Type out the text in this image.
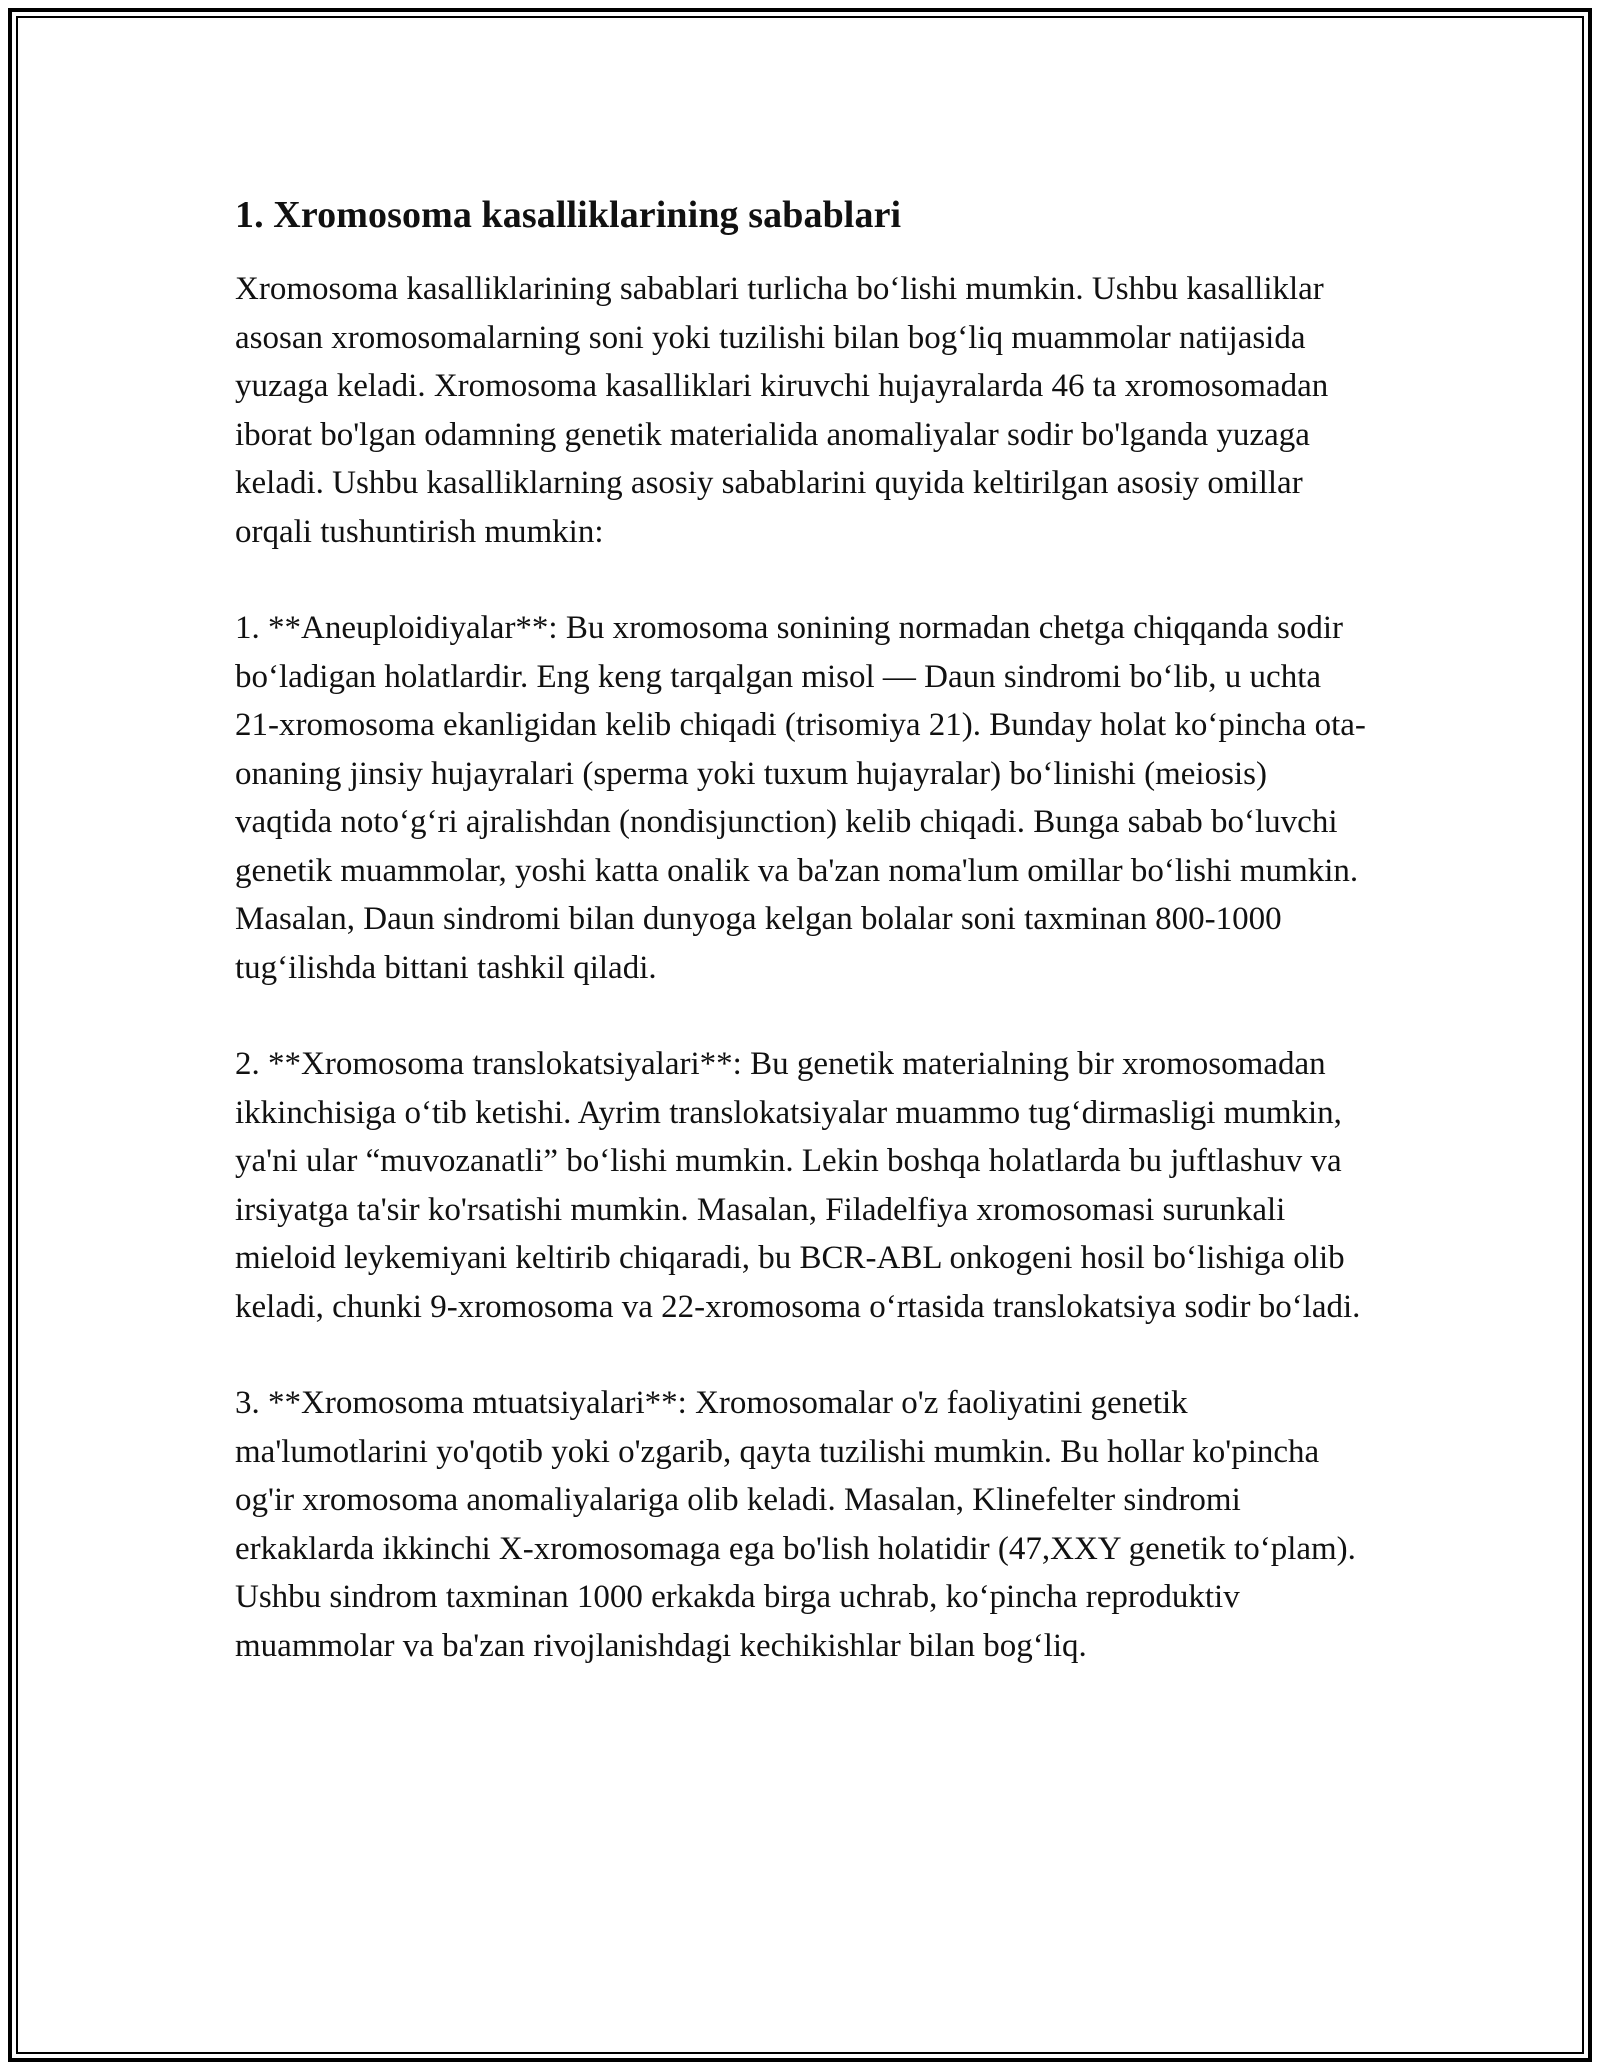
1. Xromosoma kasalliklarining sabablari

Xromosoma kasalliklarining sabablari turlicha bo‘lishi mumkin. Ushbu kasalliklar asosan xromosomalarning soni yoki tuzilishi bilan bog‘liq muammolar natijasida yuzaga keladi. Xromosoma kasalliklari kiruvchi hujayralarda 46 ta xromosomadan iborat bo'lgan odamning genetik materialida anomaliyalar sodir bo'lganda yuzaga keladi. Ushbu kasalliklarning asosiy sabablarini quyida keltirilgan asosiy omillar orqali tushuntirish mumkin:

1. **Aneuploidiyalar**: Bu xromosoma sonining normadan chetga chiqqanda sodir bo‘ladigan holatlardir. Eng keng tarqalgan misol — Daun sindromi bo‘lib, u uchta 21-xromosoma ekanligidan kelib chiqadi (trisomiya 21). Bunday holat ko‘pincha ota-onaning jinsiy hujayralari (sperma yoki tuxum hujayralar) bo‘linishi (meiosis) vaqtida noto‘g‘ri ajralishdan (nondisjunction) kelib chiqadi. Bunga sabab bo‘luvchi genetik muammolar, yoshi katta onalik va ba'zan noma'lum omillar bo‘lishi mumkin. Masalan, Daun sindromi bilan dunyoga kelgan bolalar soni taxminan 800-1000 tug‘ilishda bittani tashkil qiladi.

2. **Xromosoma translokatsiyalari**: Bu genetik materialning bir xromosomadan ikkinchisiga o‘tib ketishi. Ayrim translokatsiyalar muammo tug‘dirmasligi mumkin, ya'ni ular “muvozanatli” bo‘lishi mumkin. Lekin boshqa holatlarda bu juftlashuv va irsiyatga ta'sir ko'rsatishi mumkin. Masalan, Filadelfiya xromosomasi surunkali mieloid leykemiyani keltirib chiqaradi, bu BCR-ABL onkogeni hosil bo‘lishiga olib keladi, chunki 9-xromosoma va 22-xromosoma o‘rtasida translokatsiya sodir bo‘ladi.

3. **Xromosoma mtuatsiyalari**: Xromosomalar o'z faoliyatini genetik ma'lumotlarini yo'qotib yoki o'zgarib, qayta tuzilishi mumkin. Bu hollar ko'pincha og'ir xromosoma anomaliyalariga olib keladi. Masalan, Klinefelter sindromi erkaklarda ikkinchi X-xromosomaga ega bo'lish holatidir (47,XXY genetik to‘plam). Ushbu sindrom taxminan 1000 erkakda birga uchrab, ko‘pincha reproduktiv muammolar va ba'zan rivojlanishdagi kechikishlar bilan bog‘liq.
